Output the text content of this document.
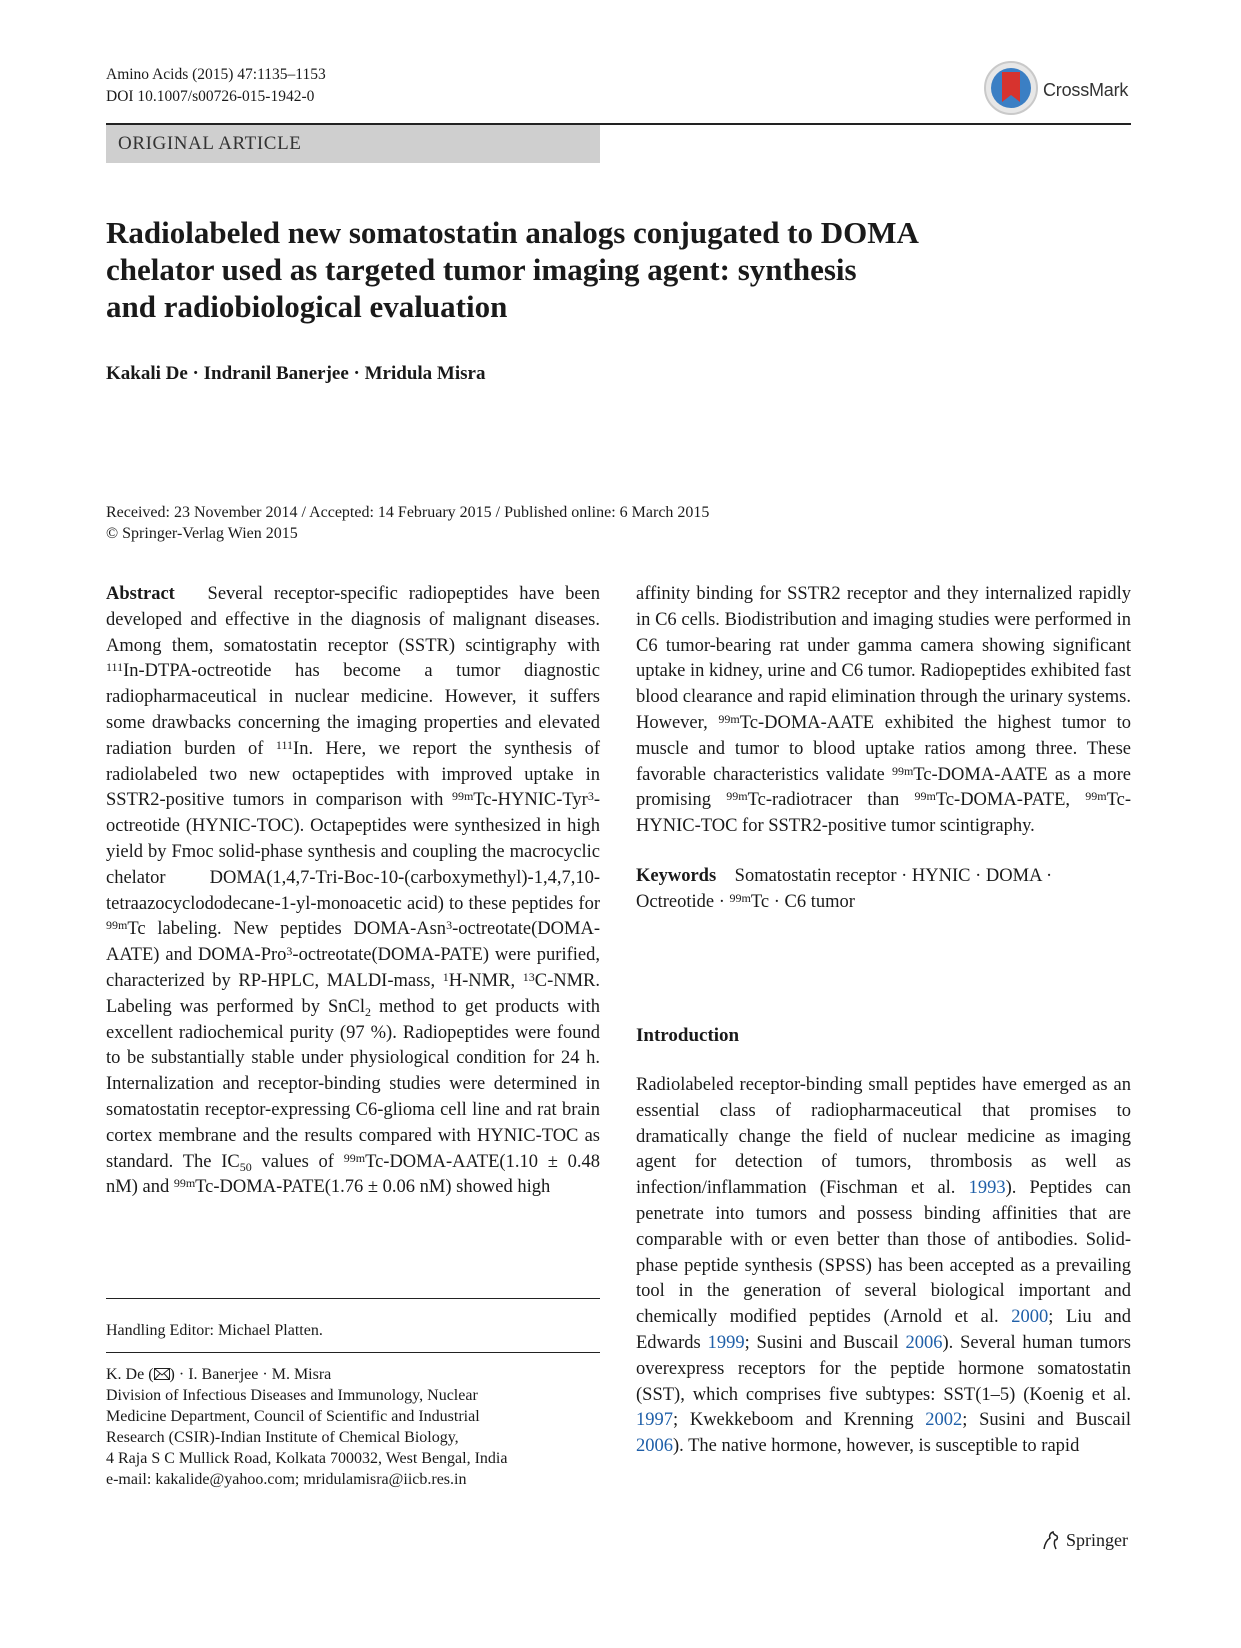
Amino Acids (2015) 47:1135–1153
DOI 10.1007/s00726-015-1942-0	CrossMark
ORIGINAL ARTICLE
Radiolabeled new somatostatin analogs conjugated to DOMA
chelator used as targeted tumor imaging agent: synthesis
and radiobiological evaluation
Kakali De · Indranil Banerjee · Mridula Misra
Received: 23 November 2014 / Accepted: 14 February 2015 / Published online: 6 March 2015
© Springer-Verlag Wien 2015

Abstract Several receptor-specific radiopeptides have been developed and effective in the diagnosis of malignant diseases. Among them, somatostatin receptor (SSTR) scintigraphy with $^{111}$In-DTPA-octreotide has become a tumor diagnostic radiopharmaceutical in nuclear medicine. However, it suffers some drawbacks concerning the imaging properties and elevated radiation burden of $^{111}$In. Here, we report the synthesis of radiolabeled two new octapeptides with improved uptake in SSTR2-positive tumors in comparison with $^{99m}$Tc-HYNIC-Tyr$^3$-octreotide (HYNIC-TOC). Octapeptides were synthesized in high yield by Fmoc solid-phase synthesis and coupling the macrocyclic chelator DOMA(1,4,7-Tri-Boc-10-(carboxymethyl)-1,4,7,10-tetraazocyclododecane-1-yl-monoacetic acid) to these peptides for $^{99m}$Tc labeling. New peptides DOMA-Asn$^3$-octreotate(DOMA-AATE) and DOMA-Pro$^3$-octreotate(DOMA-PATE) were purified, characterized by RP-HPLC, MALDI-mass, $^1$H-NMR, $^{13}$C-NMR. Labeling was performed by SnCl$_2$ method to get products with excellent radiochemical purity (97 %). Radiopeptides were found to be substantially stable under physiological condition for 24 h. Internalization and receptor-binding studies were determined in somatostatin receptor-expressing C6-glioma cell line and rat brain cortex membrane and the results compared with HYNIC-TOC as standard. The $IC_{50}$ values of $^{99m}$Tc-DOMA-AATE(1.10 ± 0.48 nM) and $^{99m}$Tc-DOMA-PATE(1.76 ± 0.06 nM) showed high

Handling Editor: Michael Platten.
K. De ( ) · I. Banerjee · M. Misra
Division of Infectious Diseases and Immunology, Nuclear
Medicine Department, Council of Scientific and Industrial
Research (CSIR)-Indian Institute of Chemical Biology,
4 Raja S C Mullick Road, Kolkata 700032, West Bengal, India
e-mail: kakalide@yahoo.com; mridulamisra@iicb.res.in

affinity binding for SSTR2 receptor and they internalized rapidly in C6 cells. Biodistribution and imaging studies were performed in C6 tumor-bearing rat under gamma camera showing significant uptake in kidney, urine and C6 tumor. Radiopeptides exhibited fast blood clearance and rapid elimination through the urinary systems. However, $^{99m}$Tc-DOMA-AATE exhibited the highest tumor to muscle and tumor to blood uptake ratios among three. These favorable characteristics validate $^{99m}$Tc-DOMA-AATE as a more promising $^{99m}$Tc-radiotracer than $^{99m}$Tc-DOMA-PATE, $^{99m}$Tc-HYNIC-TOC for SSTR2-positive tumor scintigraphy.

Keywords Somatostatin receptor · HYNIC · DOMA · Octreotide · $^{99m}$Tc · C6 tumor

Introduction

Radiolabeled receptor-binding small peptides have emerged as an essential class of radiopharmaceutical that promises to dramatically change the field of nuclear medicine as imaging agent for detection of tumors, thrombosis as well as infection/inflammation (Fischman et al. 1993). Peptides can penetrate into tumors and possess binding affinities that are comparable with or even better than those of antibodies. Solid-phase peptide synthesis (SPSS) has been accepted as a prevailing tool in the generation of several biological important and chemically modified peptides (Arnold et al. 2000; Liu and Edwards 1999; Susini and Buscail 2006). Several human tumors overexpress receptors for the peptide hormone somatostatin (SST), which comprises five subtypes: SST(1–5) (Koenig et al. 1997; Kwekkeboom and Krenning 2002; Susini and Buscail 2006). The native hormone, however, is susceptible to rapid

Springer
